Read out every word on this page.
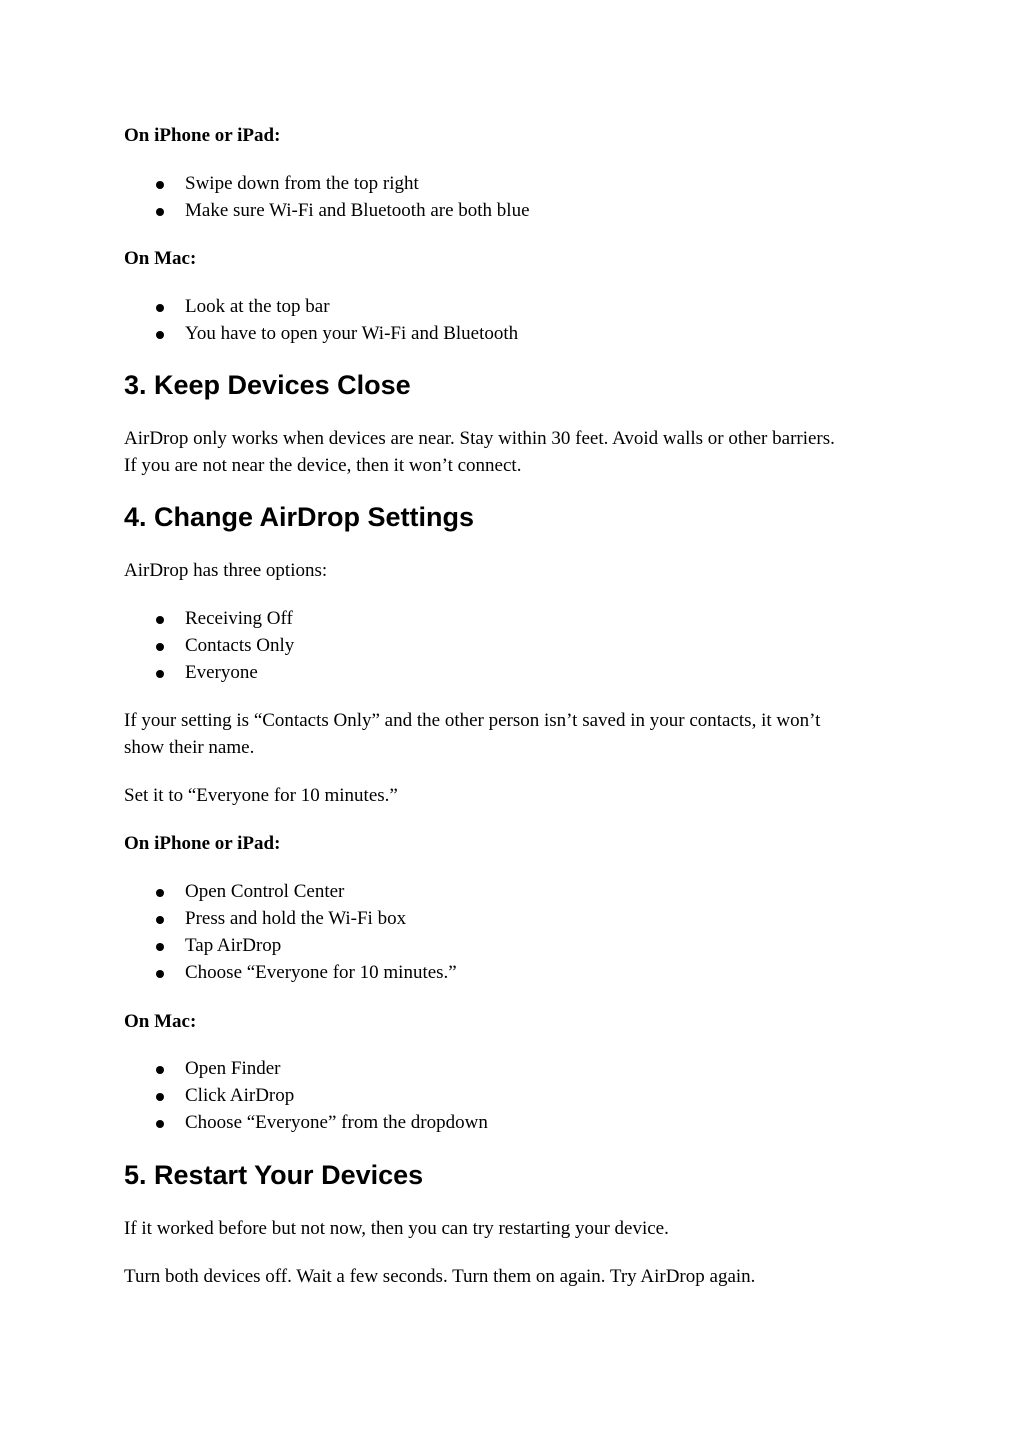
On iPhone or iPad:

Swipe down from the top right
Make sure Wi-Fi and Bluetooth are both blue

On Mac:

Look at the top bar
You have to open your Wi-Fi and Bluetooth
3. Keep Devices Close

AirDrop only works when devices are near. Stay within 30 feet. Avoid walls or other barriers.
If you are not near the device, then it won’t connect.

4. Change AirDrop Settings

AirDrop has three options:

Receiving Off
Contacts Only
Everyone

If your setting is “Contacts Only” and the other person isn’t saved in your contacts, it won’t
show their name.

Set it to “Everyone for 10 minutes.”

On iPhone or iPad:

Open Control Center
Press and hold the Wi-Fi box
Tap AirDrop
Choose “Everyone for 10 minutes.”

On Mac:

Open Finder
Click AirDrop
Choose “Everyone” from the dropdown
5. Restart Your Devices

If it worked before but not now, then you can try restarting your device.

Turn both devices off. Wait a few seconds. Turn them on again. Try AirDrop again.
